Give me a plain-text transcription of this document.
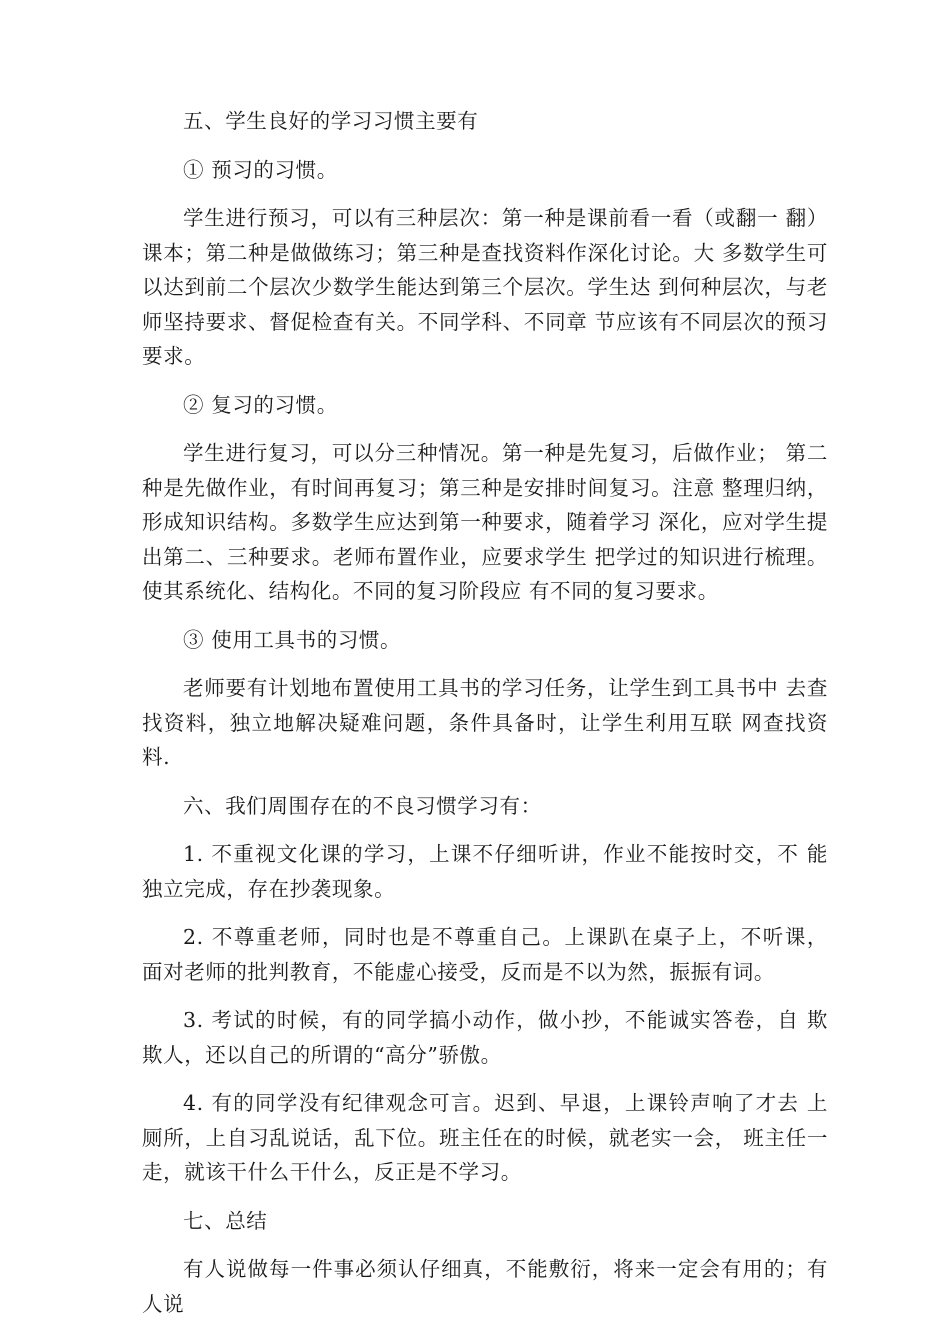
五、学生良好的学习习惯主要有

① 预习的习惯。

学生进行预习，可以有三种层次：第一种是课前看一看（或翻一 翻）课本；第二种是做做练习；第三种是查找资料作深化讨论。大 多数学生可以达到前二个层次少数学生能达到第三个层次。学生达 到何种层次，与老师坚持要求、督促检查有关。不同学科、不同章 节应该有不同层次的预习要求。

② 复习的习惯。

学生进行复习，可以分三种情况。第一种是先复习，后做作业； 第二种是先做作业，有时间再复习；第三种是安排时间复习。注意 整理归纳，形成知识结构。多数学生应达到第一种要求，随着学习 深化，应对学生提出第二、三种要求。老师布置作业，应要求学生 把学过的知识进行梳理。使其系统化、结构化。不同的复习阶段应 有不同的复习要求。

③ 使用工具书的习惯。

老师要有计划地布置使用工具书的学习任务，让学生到工具书中 去查找资料，独立地解决疑难问题，条件具备时，让学生利用互联 网查找资料.

六、我们周围存在的不良习惯学习有：

1. 不重视文化课的学习，上课不仔细听讲，作业不能按时交，不 能独立完成，存在抄袭现象。

2. 不尊重老师，同时也是不尊重自己。上课趴在桌子上，不听课， 面对老师的批判教育，不能虚心接受，反而是不以为然，振振有词。

3. 考试的时候，有的同学搞小动作，做小抄，不能诚实答卷，自 欺欺人，还以自己的所谓的“高分”骄傲。

4. 有的同学没有纪律观念可言。迟到、早退，上课铃声响了才去 上厕所，上自习乱说话，乱下位。班主任在的时候，就老实一会， 班主任一走，就该干什么干什么，反正是不学习。

七、总结

有人说做每一件事必须认仔细真，不能敷衍，将来一定会有用的；有人说
